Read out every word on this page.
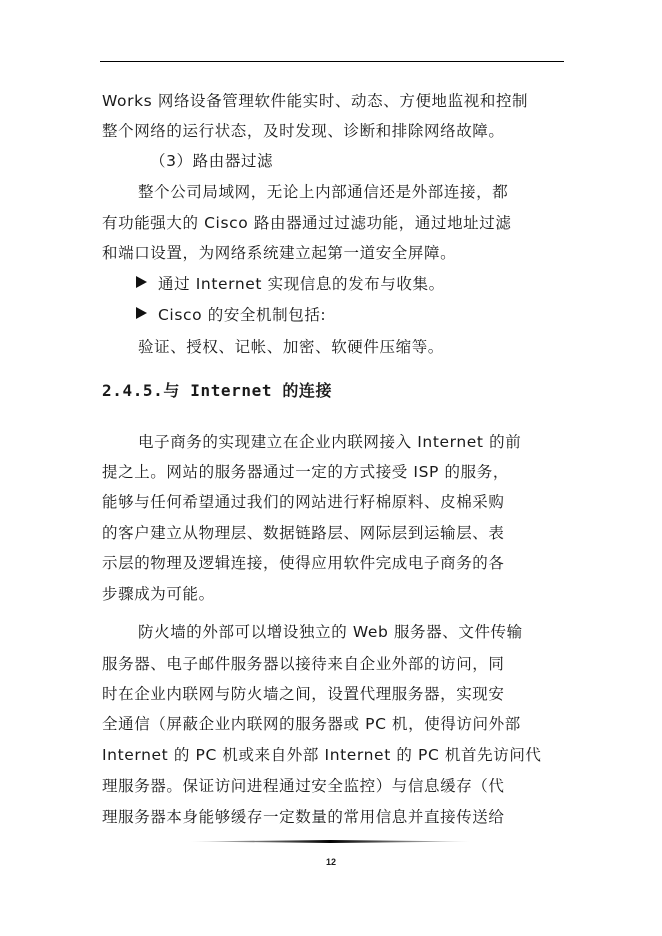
Works 网络设备管理软件能实时、动态、方便地监视和控制
整个网络的运行状态，及时发现、诊断和排除网络故障。
（3）路由器过滤
整个公司局域网，无论上内部通信还是外部连接，都
有功能强大的 Cisco 路由器通过过滤功能，通过地址过滤
和端口设置，为网络系统建立起第一道安全屏障。
通过 Internet 实现信息的发布与收集。
Cisco 的安全机制包括:
验证、授权、记帐、加密、软硬件压缩等。
2.4.5.与 Internet 的连接
电子商务的实现建立在企业内联网接入 Internet 的前
提之上。网站的服务器通过一定的方式接受 ISP 的服务，
能够与任何希望通过我们的网站进行籽棉原料、皮棉采购
的客户建立从物理层、数据链路层、网际层到运输层、表
示层的物理及逻辑连接，使得应用软件完成电子商务的各
步骤成为可能。
防火墙的外部可以增设独立的 Web 服务器、文件传输
服务器、电子邮件服务器以接待来自企业外部的访问，同
时在企业内联网与防火墙之间，设置代理服务器，实现安
全通信（屏蔽企业内联网的服务器或 PC 机，使得访问外部
Internet 的 PC 机或来自外部 Internet 的 PC 机首先访问代
理服务器。保证访问进程通过安全监控）与信息缓存（代
理服务器本身能够缓存一定数量的常用信息并直接传送给
12
